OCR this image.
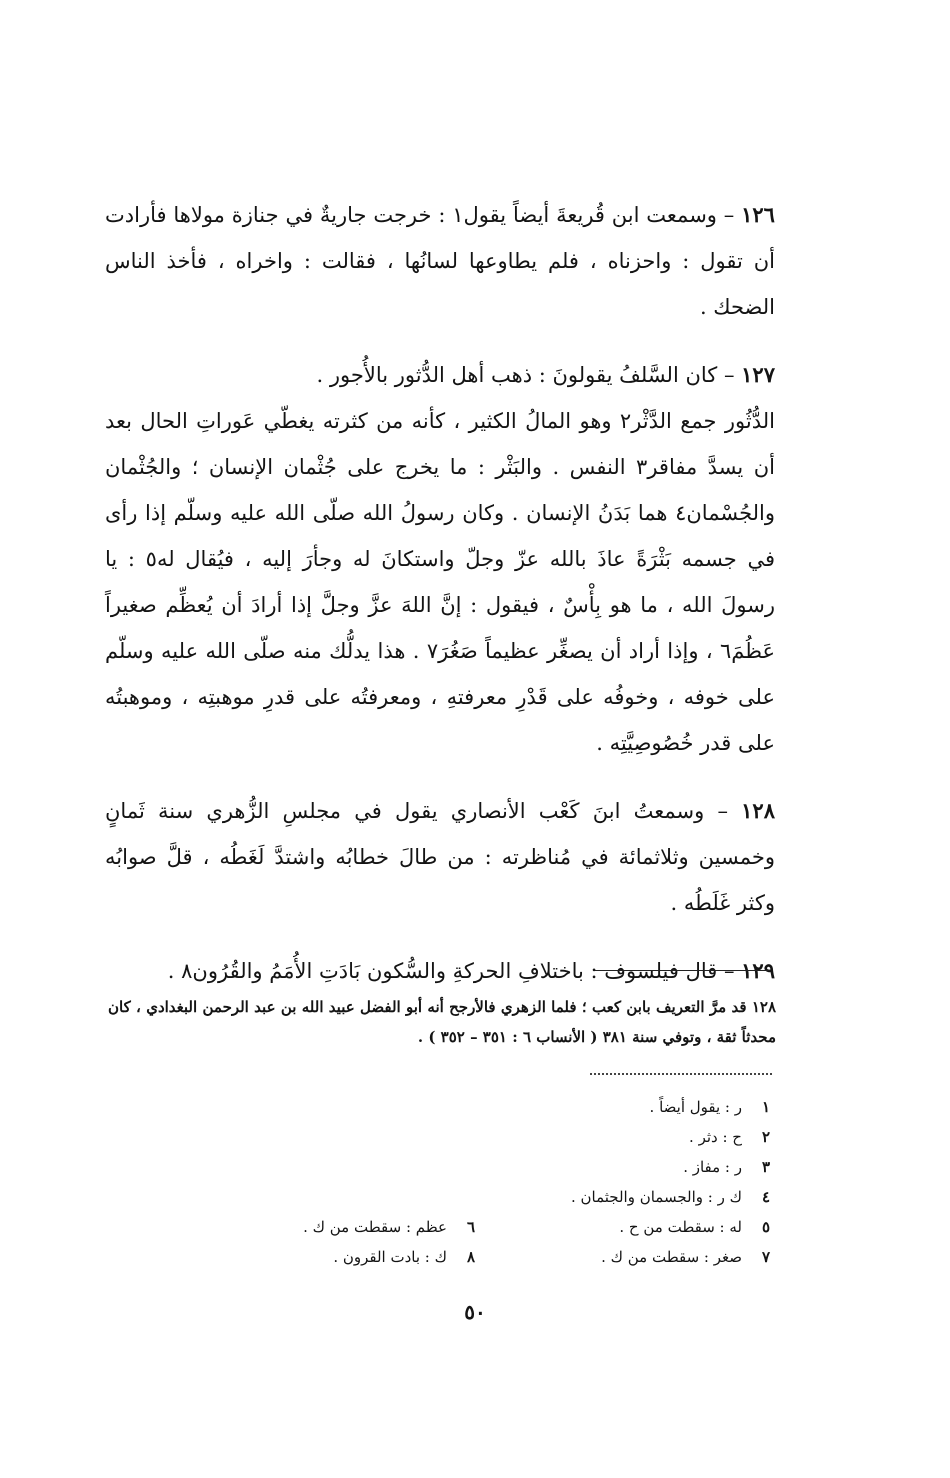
١٢٦ – وسمعت ابن قُريعةَ أيضاً يقول١ : خرجت جاريةٌ في جنازة مولاها فأرادت أن تقول : واحزناه ، فلم يطاوعها لسانُها ، فقالت : واخراه ، فأخذ الناس الضحك .

١٢٧ – كان السَّلفُ يقولونَ : ذهب أهل الدُّثور بالأُجور .

الدُّثُور جمع الدَّثْر٢ وهو المالُ الكثير ، كأنه من كثرته يغطّي عَوراتِ الحال بعد أن يسدَّ مفاقر٣ النفس . والبَثْر : ما يخرج على جُثْمان الإنسان ؛ والجُثْمان والجُسْمان٤ هما بَدَنُ الإنسان . وكان رسولُ الله صلّى الله عليه وسلّم إذا رأى في جسمه بَثْرَةً عاذَ بالله عزّ وجلّ واستكانَ له وجأرَ إليه ، فيُقال له٥ : يا رسولَ الله ، ما هو بِأْسٌ ، فيقول : إنَّ اللهَ عزَّ وجلَّ إذا أرادَ أن يُعظِّم صغيراً عَظُمَ٦ ، وإذا أراد أن يصغِّر عظيماً صَغُرَ٧ . هذا يدلُّك منه صلّى الله عليه وسلّم على خوفه ، وخوفُه على قَدْرِ معرفتهِ ، ومعرفتُه على قدرِ موهبتِه ، وموهبتُه على قدر خُصُوصِيَّتِه .

١٢٨ – وسمعتُ ابنَ كَعْب الأنصاري يقول في مجلسِ الزُّهري سنة ثَمانٍ وخمسين وثلاثمائة في مُناظرته : من طالَ خطابُه واشتدَّ لَغَطُه ، قلَّ صوابُه وكثر غَلَطُه .

١٢٩ – قال فيلسوف : باختلافِ الحركةِ والسُّكون بَادَتِ الأُمَمُ والقُرُون٨ .

١٢٨ قد مرَّ التعريف بابن كعب ؛ فلما الزهري فالأرجح أنه أبو الفضل عبيد الله بن عبد الرحمن البغدادي ، كان محدثاً ثقة ، وتوفي سنة ٣٨١ ( الأنساب ٦ : ٣٥١ – ٣٥٢ ) .
١
ر : يقول أيضاً .
٢
ح : دثر .
٣
ر : مفاز .
٤
ك ر : والجسمان والجثمان .
٥
له : سقطت من ح .
٦
عظم : سقطت من ك .
٧
صغر : سقطت من ك .
٨
ك : بادت القرون .
٥٠
